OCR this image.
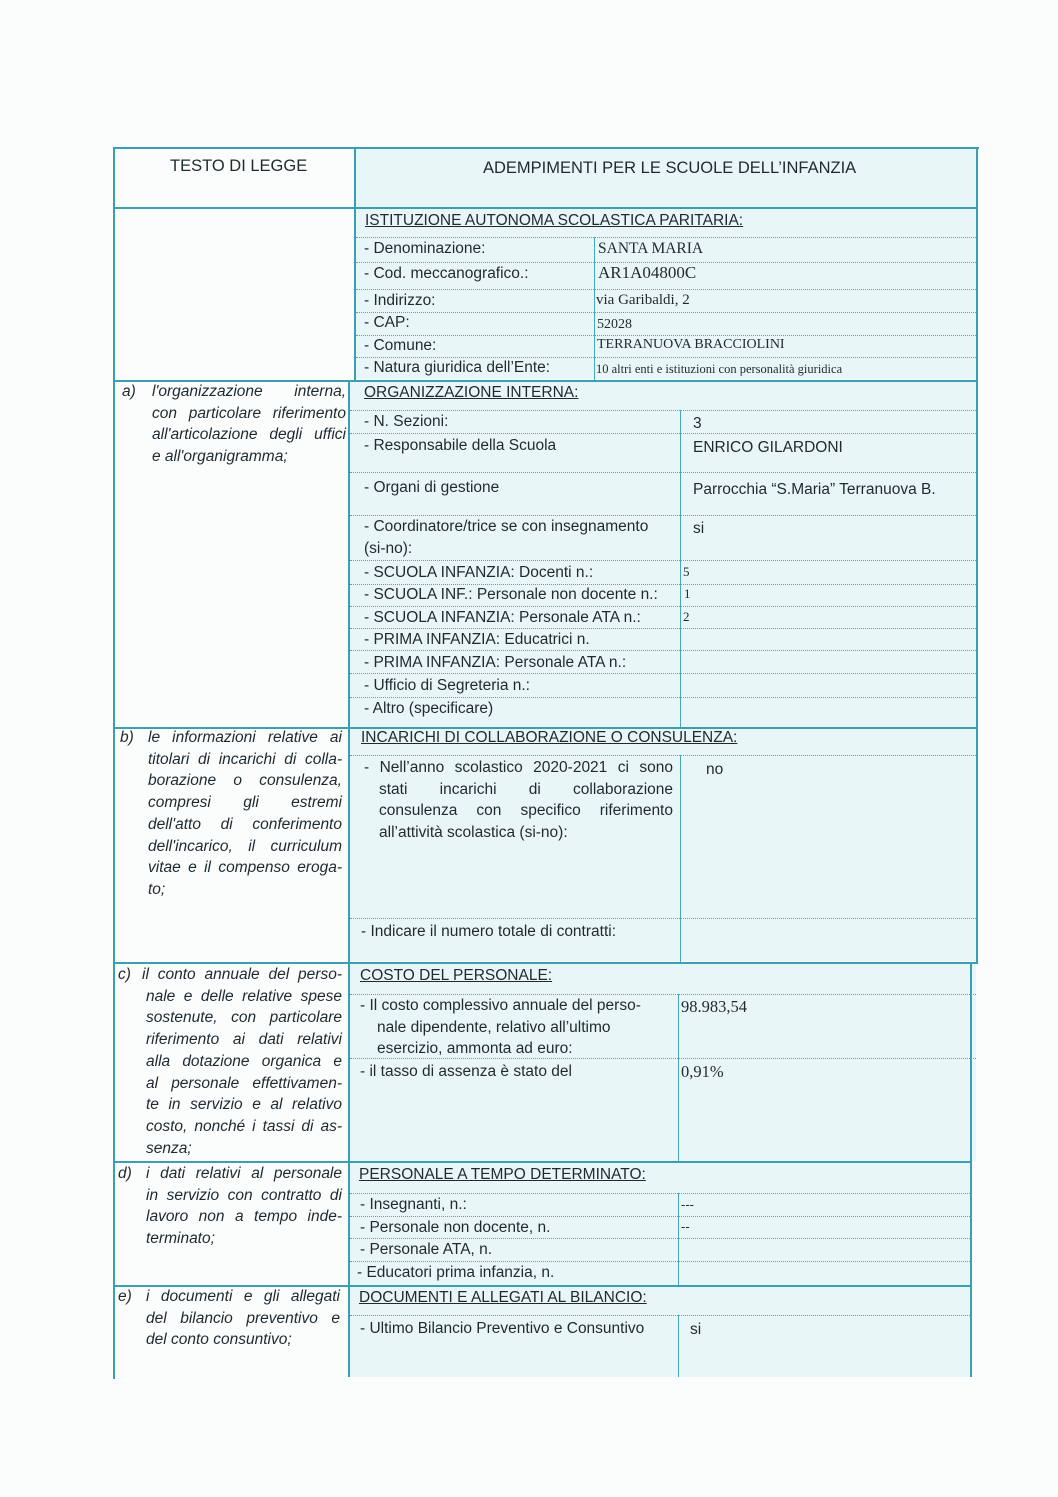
TESTO DI LEGGE	ADEMPIMENTI PER LE SCUOLE DELL’INFANZIA
ISTITUZIONE AUTONOMA SCOLASTICA PARITARIA:
- Denominazione:	SANTA MARIA
- Cod. meccanografico.:	AR1A04800C
- Indirizzo:	via Garibaldi, 2
- CAP:	52028
- Comune:	TERRANUOVA BRACCIOLINI
- Natura giuridica dell’Ente:	10 altri enti e istituzioni con personalità giuridica
a) l'organizzazione interna,
con particolare riferimento
all'articolazione degli uffici
e all'organigramma;
ORGANIZZAZIONE INTERNA:
- N. Sezioni:	3
- Responsabile della Scuola	ENRICO GILARDONI
- Organi di gestione	Parrocchia “S.Maria” Terranuova B.
- Coordinatore/trice se con insegnamento
(si-no):
si
- SCUOLA INFANZIA: Docenti n.:	5
- SCUOLA INF.: Personale non docente n.: 1
- SCUOLA INFANZIA: Personale ATA n.:	2
- PRIMA INFANZIA: Educatrici n.
- PRIMA INFANZIA: Personale ATA n.:
- Ufficio di Segreteria n.:
- Altro (specificare)
b) le informazioni relative ai
titolari di incarichi di colla-
borazione o consulenza,
compresi gli estremi
dell'atto di conferimento
dell'incarico, il curriculum
vitae e il compenso eroga-
to;
INCARICHI DI COLLABORAZIONE O CONSULENZA:
- Nell’anno scolastico 2020-2021 ci sono
stati incarichi di collaborazione
consulenza con specifico riferimento
all’attività scolastica (si-no):
no
- Indicare il numero totale di contratti:
c) il conto annuale del perso-
nale e delle relative spese
sostenute, con particolare
riferimento ai dati relativi
alla dotazione organica e
al personale effettivamen-
te in servizio e al relativo
costo, nonché i tassi di as-
senza;
COSTO DEL PERSONALE:
- Il costo complessivo annuale del perso-
nale dipendente, relativo all’ultimo
esercizio, ammonta ad euro:
98.983,54
- il tasso di assenza è stato del	0,91%
d) i dati relativi al personale
in servizio con contratto di
lavoro non a tempo inde-
terminato;
PERSONALE A TEMPO DETERMINATO:
- Insegnanti, n.:	---
- Personale non docente, n.	--
- Personale ATA, n.
- Educatori prima infanzia, n.
e) i documenti e gli allegati
del bilancio preventivo e
del conto consuntivo;
DOCUMENTI E ALLEGATI AL BILANCIO:
- Ultimo Bilancio Preventivo e Consuntivo	si
